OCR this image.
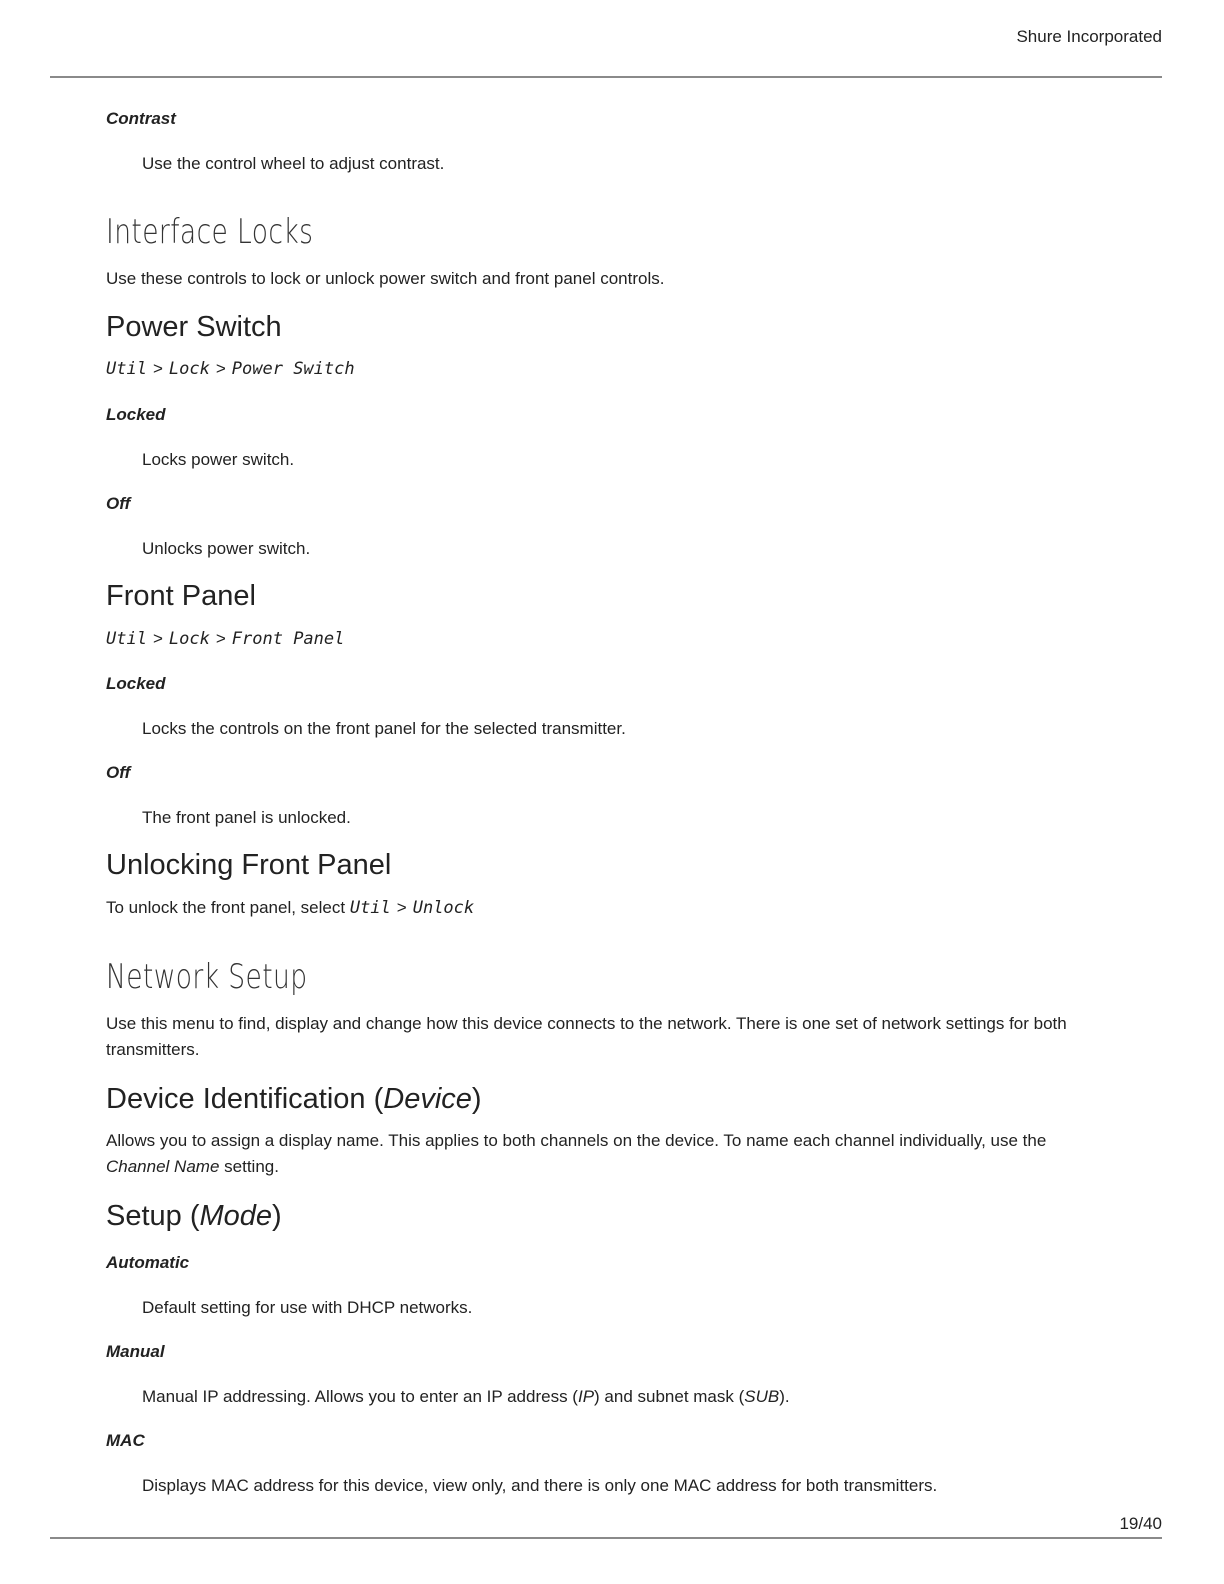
Shure Incorporated
Contrast
Use the control wheel to adjust contrast.
Interface Locks
Use these controls to lock or unlock power switch and front panel controls.
Power Switch
Util > Lock > Power Switch
Locked
Locks power switch.
Off
Unlocks power switch.
Front Panel
Util > Lock > Front Panel
Locked
Locks the controls on the front panel for the selected transmitter.
Off
The front panel is unlocked.
Unlocking Front Panel
To unlock the front panel, select Util > Unlock
Network Setup
Use this menu to find, display and change how this device connects to the network. There is one set of network settings for both transmitters.
Device Identification (Device)
Allows you to assign a display name. This applies to both channels on the device. To name each channel individually, use the Channel Name setting.
Setup (Mode)
Automatic
Default setting for use with DHCP networks.
Manual
Manual IP addressing. Allows you to enter an IP address (IP) and subnet mask (SUB).
MAC
Displays MAC address for this device, view only, and there is only one MAC address for both transmitters.
19/40
